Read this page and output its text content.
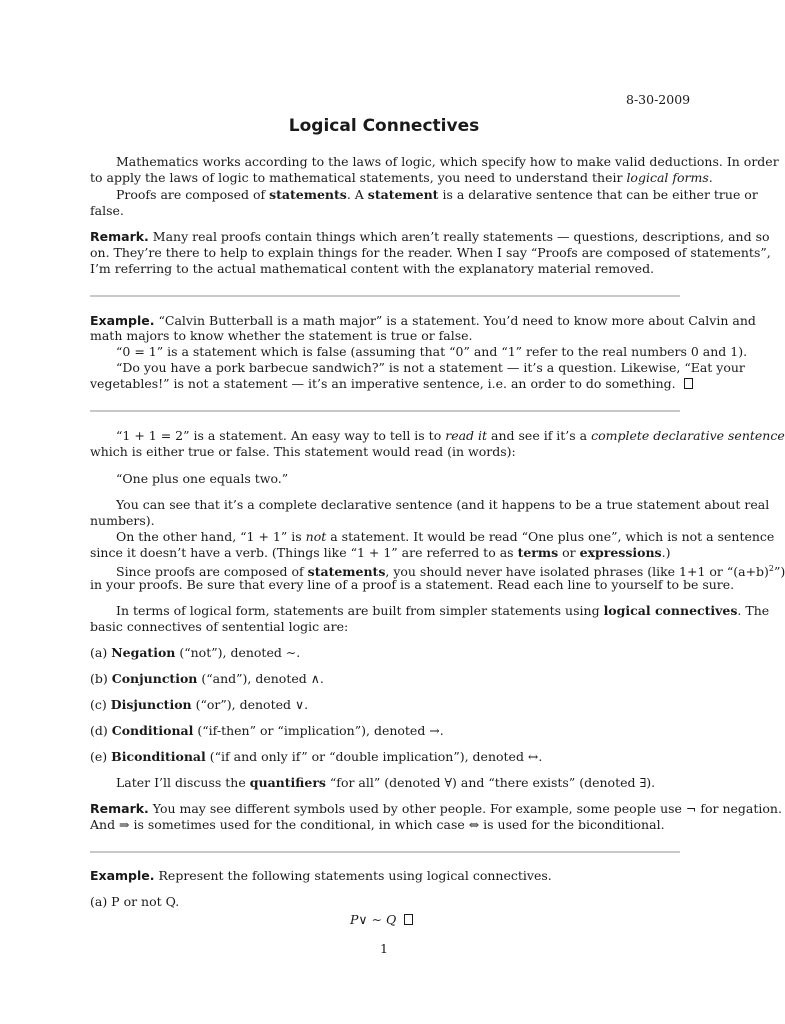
8-30-2009
Logical Connectives
Mathematics works according to the laws of logic, which specify how to make valid deductions. In order
to apply the laws of logic to mathematical statements, you need to understand their logical forms.
Proofs are composed of statements. A statement is a delarative sentence that can be either true or
false.
Remark. Many real proofs contain things which aren’t really statements — questions, descriptions, and so
on. They’re there to help to explain things for the reader. When I say “Proofs are composed of statements”,
I’m referring to the actual mathematical content with the explanatory material removed.
Example. “Calvin Butterball is a math major” is a statement. You’d need to know more about Calvin and
math majors to know whether the statement is true or false.
“0 = 1” is a statement which is false (assuming that “0” and “1” refer to the real numbers 0 and 1).
“Do you have a pork barbecue sandwich?” is not a statement — it’s a question. Likewise, “Eat your
vegetables!” is not a statement — it’s an imperative sentence, i.e. an order to do something.
“1 + 1 = 2” is a statement. An easy way to tell is to read it and see if it’s a complete declarative sentence
which is either true or false. This statement would read (in words):
“One plus one equals two.”
You can see that it’s a complete declarative sentence (and it happens to be a true statement about real
numbers).
On the other hand, “1 + 1” is not a statement. It would be read “One plus one”, which is not a sentence
since it doesn’t have a verb. (Things like “1 + 1” are referred to as terms or expressions.)
Since proofs are composed of statements, you should never have isolated phrases (like 1+1 or “$(a+b)^2$”)
in your proofs. Be sure that every line of a proof is a statement. Read each line to yourself to be sure.
In terms of logical form, statements are built from simpler statements using logical connectives. The
basic connectives of sentential logic are:
(a) Negation (“not”), denoted ∼.
(b) Conjunction (“and”), denoted ∧.
(c) Disjunction (“or”), denoted ∨.
(d) Conditional (“if-then” or “implication”), denoted →.
(e) Biconditional (“if and only if” or “double implication”), denoted ↔.
Later I’ll discuss the quantifiers “for all” (denoted ∀) and “there exists” (denoted ∃).
Remark. You may see different symbols used by other people. For example, some people use ¬ for negation.
And ⇒ is sometimes used for the conditional, in which case ⇔ is used for the biconditional.
Example. Represent the following statements using logical connectives.
(a) P or not Q.
P∨ ∼ Q
1
